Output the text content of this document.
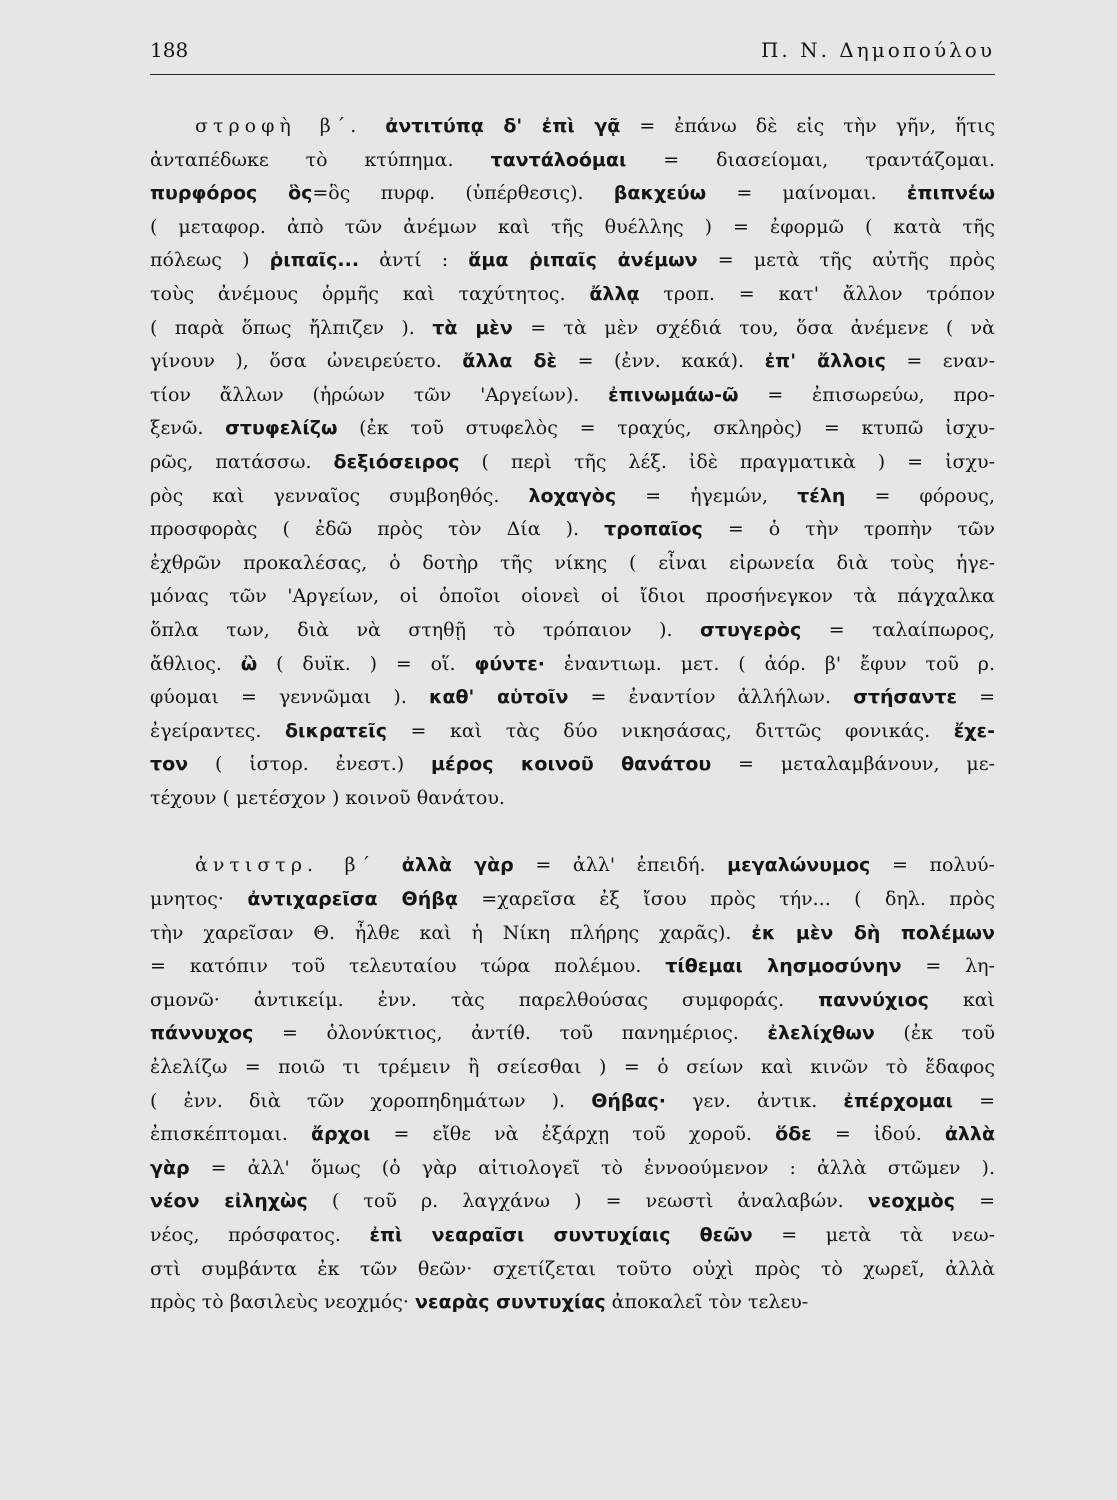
188	Π. Ν. Δημοπούλου

στροφὴ β΄. ἀντιτύπᾳ δ' ἐπὶ γᾷ = ἐπάνω δὲ εἰς τὴν γῆν, ἥτις

ἀνταπέδωκε τὸ κτύπημα. ταντάλοόμαι = διασείομαι, τραντάζομαι.

πυρφόρος ὃς=ὃς πυρφ. (ὑπέρθεσις). βακχεύω = μαίνομαι. ἐπιπνέω

( μεταφορ. ἀπὸ τῶν ἀνέμων καὶ τῆς θυέλλης ) = ἐφορμῶ ( κατὰ τῆς

πόλεως ) ῥιπαῖς... ἀντί : ἅμα ῥιπαῖς ἀνέμων = μετὰ τῆς αὐτῆς πρὸς

τοὺς ἀνέμους ὁρμῆς καὶ ταχύτητος. ἄλλᾳ τροπ. = κατ' ἄλλον τρόπον

( παρὰ ὅπως ἤλπιζεν ). τὰ μὲν = τὰ μὲν σχέδιά του, ὅσα ἀνέμενε ( νὰ

γίνουν ), ὅσα ὠνειρεύετο. ἄλλα δὲ = (ἐνν. κακά). ἐπ' ἄλλοις = εναν-

τίον ἄλλων (ἡρώων τῶν 'Αργείων). ἐπινωμάω-ῶ = ἐπισωρεύω, προ-

ξενῶ. στυφελίζω (ἐκ τοῦ στυφελὸς = τραχύς, σκληρὸς) = κτυπῶ ἰσχυ-

ρῶς, πατάσσω. δεξιόσειρος ( περὶ τῆς λέξ. ἰδὲ πραγματικὰ ) = ἰσχυ-

ρὸς καὶ γενναῖος συμβοηθός. λοχαγὸς = ἡγεμών, τέλη = φόρους,

προσφορὰς ( ἐδῶ πρὸς τὸν Δία ). τροπαῖος = ὁ τὴν τροπὴν τῶν

ἐχθρῶν προκαλέσας, ὁ δοτὴρ τῆς νίκης ( εἶναι εἰρωνεία διὰ τοὺς ἡγε-

μόνας τῶν 'Αργείων, οἱ ὁποῖοι οἱονεὶ οἱ ἴδιοι προσήνεγκον τὰ πάγχαλκα

ὅπλα των, διὰ νὰ στηθῇ τὸ τρόπαιον ). στυγερὸς = ταλαίπωρος,

ἄθλιος. ὢ ( δυϊκ. ) = οἵ. φύντε· ἐναντιωμ. μετ. ( ἀόρ. β' ἔφυν τοῦ ρ.

φύομαι = γεννῶμαι ). καθ' αὑτοῖν = ἐναντίον ἀλλήλων. στήσαντε =

ἐγείραντες. δικρατεῖς = καὶ τὰς δύο νικησάσας, διττῶς φονικάς. ἔχε-

τον ( ἱστορ. ἐνεστ.) μέρος κοινοῦ θανάτου = μεταλαμβάνουν, με-

τέχουν ( μετέσχον ) κοινοῦ θανάτου.

ἀντιστρ. β΄ ἀλλὰ γὰρ = ἀλλ' ἐπειδή. μεγαλώνυμος = πολυύ-

μνητος· ἀντιχαρεῖσα Θήβᾳ =χαρεῖσα ἐξ ἴσου πρὸς τήν... ( δηλ. πρὸς

τὴν χαρεῖσαν Θ. ἦλθε καὶ ἡ Νίκη πλήρης χαρᾶς). ἐκ μὲν δὴ πολέμων

= κατόπιν τοῦ τελευταίου τώρα πολέμου. τίθεμαι λησμοσύνην = λη-

σμονῶ· ἀντικείμ. ἐνν. τὰς παρελθούσας συμφοράς. παννύχιος καὶ

πάννυχος = ὁλονύκτιος, ἀντίθ. τοῦ πανημέριος. ἐλελίχθων (ἐκ τοῦ

ἐλελίζω = ποιῶ τι τρέμειν ἢ σείεσθαι ) = ὁ σείων καὶ κινῶν τὸ ἔδαφος

( ἐνν. διὰ τῶν χοροπηδημάτων ). Θήβας· γεν. ἀντικ. ἐπέρχομαι =

ἐπισκέπτομαι. ἄρχοι = εἴθε νὰ ἐξάρχῃ τοῦ χοροῦ. ὅδε = ἰδού. ἀλλὰ

γὰρ = ἀλλ' ὅμως (ὁ γὰρ αἰτιολογεῖ τὸ ἐννοούμενον : ἀλλὰ στῶμεν ).

νέον εἰληχὼς ( τοῦ ρ. λαγχάνω ) = νεωστὶ ἀναλαβών. νεοχμὸς =

νέος, πρόσφατος. ἐπὶ νεαραῖσι συντυχίαις θεῶν = μετὰ τὰ νεω-

στὶ συμβάντα ἐκ τῶν θεῶν· σχετίζεται τοῦτο οὐχὶ πρὸς τὸ χωρεῖ, ἀλλὰ

πρὸς τὸ βασιλεὺς νεοχμός· νεαρὰς συντυχίας ἀποκαλεῖ τὸν τελευ-
